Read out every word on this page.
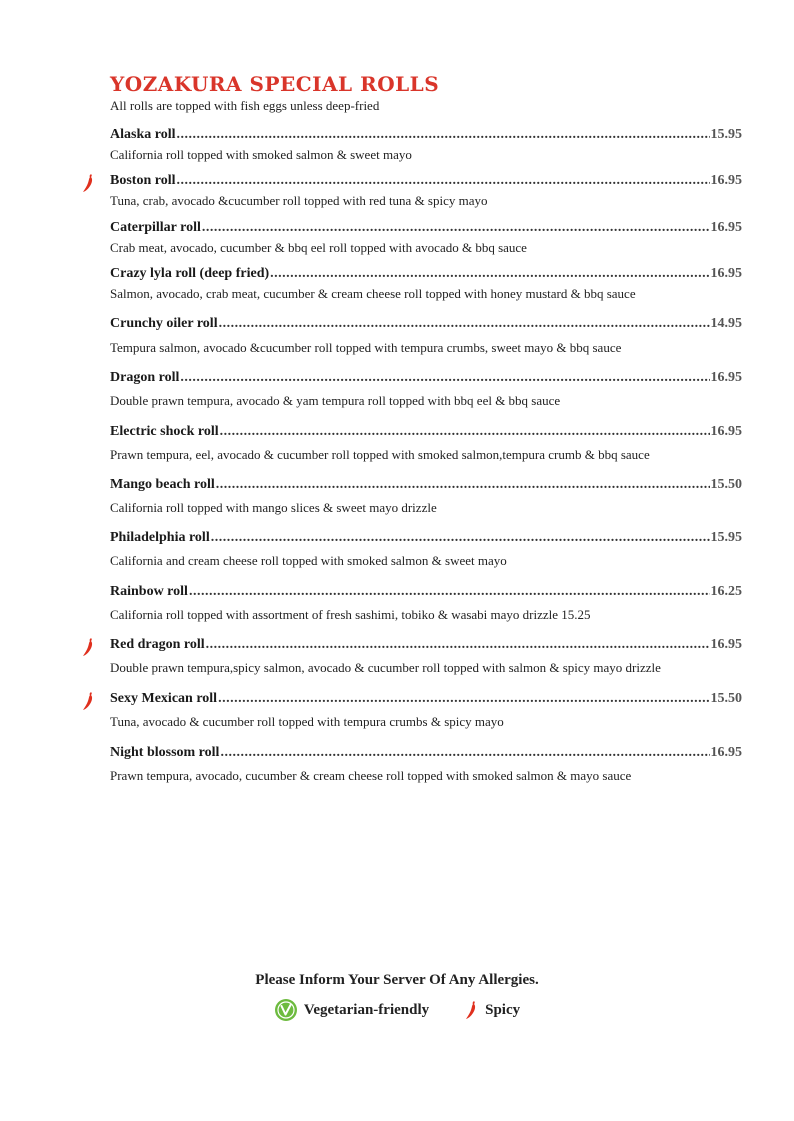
YOZAKURA SPECIAL ROLLS
All rolls are topped with fish eggs unless deep-fried
Alaska roll .....	15.95
California roll topped with smoked salmon & sweet mayo
Boston roll .....	16.95
Tuna, crab, avocado &cucumber roll topped with red tuna & spicy mayo
Caterpillar roll .....	16.95
Crab meat, avocado, cucumber & bbq eel roll topped with avocado & bbq sauce
Crazy lyla roll (deep fried) .....	16.95
Salmon, avocado, crab meat, cucumber & cream cheese roll topped with honey mustard & bbq sauce
Crunchy oiler roll .....	14.95
Tempura salmon, avocado &cucumber roll topped with tempura crumbs, sweet mayo & bbq sauce
Dragon roll .....	16.95
Double prawn tempura, avocado & yam tempura roll topped with bbq eel & bbq sauce
Electric shock roll .....	16.95
Prawn tempura, eel, avocado & cucumber roll topped with smoked salmon,tempura crumb & bbq sauce
Mango beach roll .....	15.50
California roll topped with mango slices & sweet mayo drizzle
Philadelphia roll .....	15.95
California and cream cheese roll topped with smoked salmon & sweet mayo
Rainbow roll .....	16.25
California roll topped with assortment of fresh sashimi, tobiko & wasabi mayo drizzle 15.25
Red dragon roll .....	16.95
Double prawn tempura,spicy salmon, avocado & cucumber roll topped with salmon & spicy mayo drizzle
Sexy Mexican roll .....	15.50
Tuna, avocado & cucumber roll topped with tempura crumbs & spicy mayo
Night blossom roll .....	16.95
Prawn tempura, avocado, cucumber & cream cheese roll topped with smoked salmon & mayo sauce
Please Inform Your Server Of Any Allergies.
Vegetarian-friendly	Spicy
